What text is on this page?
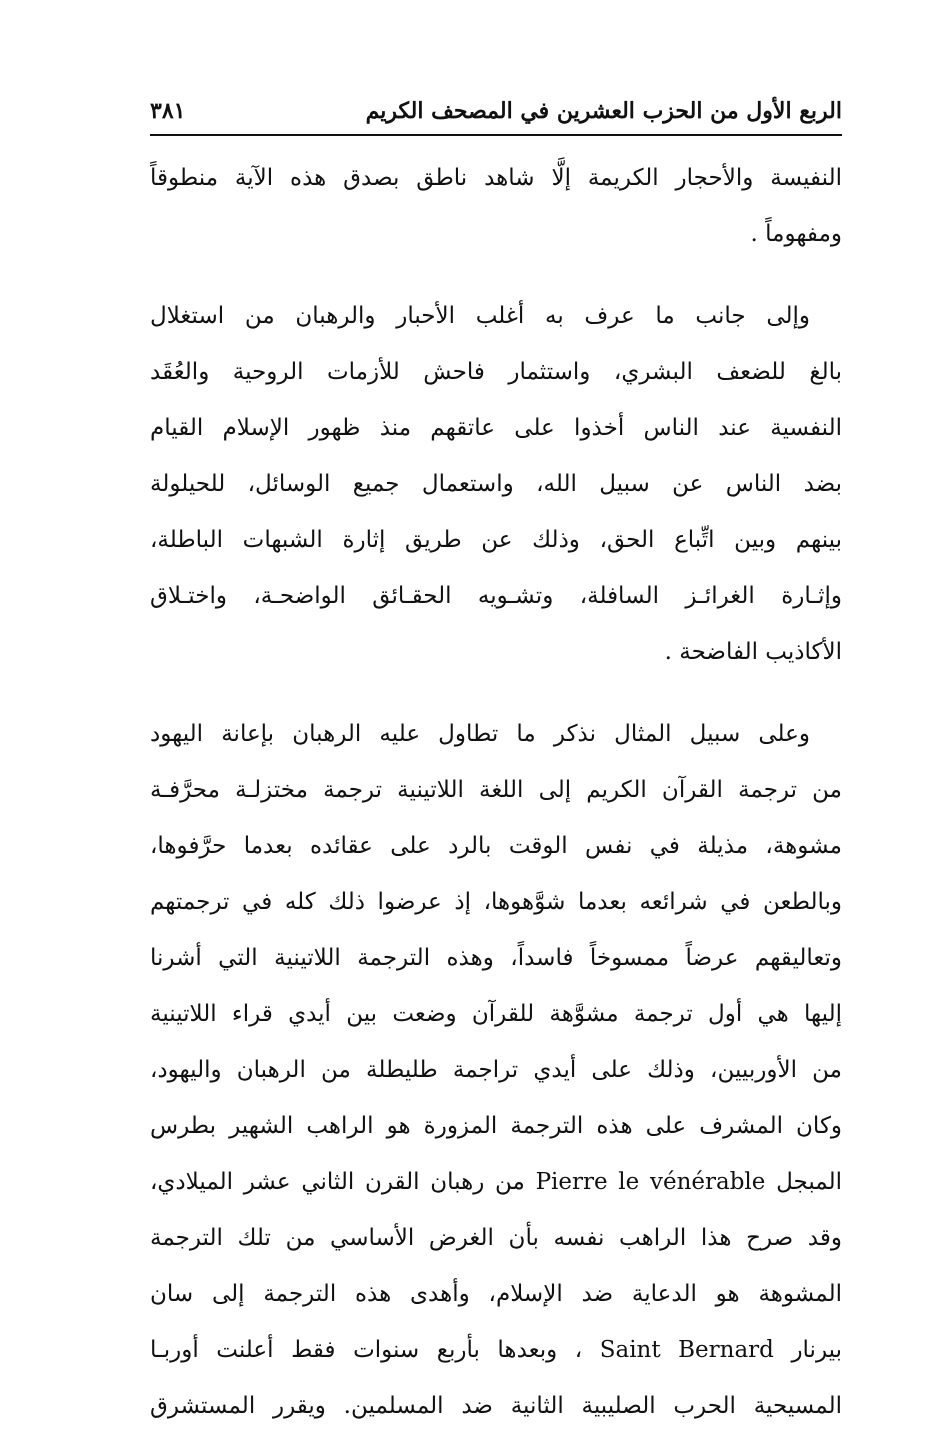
الربع الأول من الحزب العشرين في المصحف الكريم
٣٨١
النفيسة والأحجار الكريمة إلَّا شاهد ناطق بصدق هذه الآية منطوقاً
ومفهوماً .
وإلى جانب ما عرف به أغلب الأحبار والرهبان من استغلال
بالغ للضعف البشري، واستثمار فاحش للأزمات الروحية والعُقَد
النفسية عند الناس أخذوا على عاتقهم منذ ظهور الإسلام القيام
بضد الناس عن سبيل الله، واستعمال جميع الوسائل، للحيلولة
بينهم وبين اتِّباع الحق، وذلك عن طريق إثارة الشبهات الباطلة،
وإثـارة الغرائـز السافلة، وتشـويه الحقـائق الواضحـة، واختـلاق
الأكاذيب الفاضحة .
وعلى سبيل المثال نذكر ما تطاول عليه الرهبان بإعانة اليهود
من ترجمة القرآن الكريم إلى اللغة اللاتينية ترجمة مختزلـة محرَّفـة
مشوهة، مذيلة في نفس الوقت بالرد على عقائده بعدما حرَّفوها،
وبالطعن في شرائعه بعدما شوَّهوها، إذ عرضوا ذلك كله في ترجمتهم
وتعاليقهم عرضاً ممسوخاً فاسداً، وهذه الترجمة اللاتينية التي أشرنا
إليها هي أول ترجمة مشوَّهة للقرآن وضعت بين أيدي قراء اللاتينية
من الأوربيين، وذلك على أيدي تراجمة طليطلة من الرهبان واليهود،
وكان المشرف على هذه الترجمة المزورة هو الراهب الشهير بطرس
المبجل Pierre le vénérable من رهبان القرن الثاني عشر الميلادي،
وقد صرح هذا الراهب نفسه بأن الغرض الأساسي من تلك الترجمة
المشوهة هو الدعاية ضد الإسلام، وأهدى هذه الترجمة إلى سان
بيرنار Saint Bernard ، وبعدها بأربع سنوات فقط أعلنت أوربـا
المسيحية الحرب الصليبية الثانية ضد المسلمين. ويقرر المستشرق
